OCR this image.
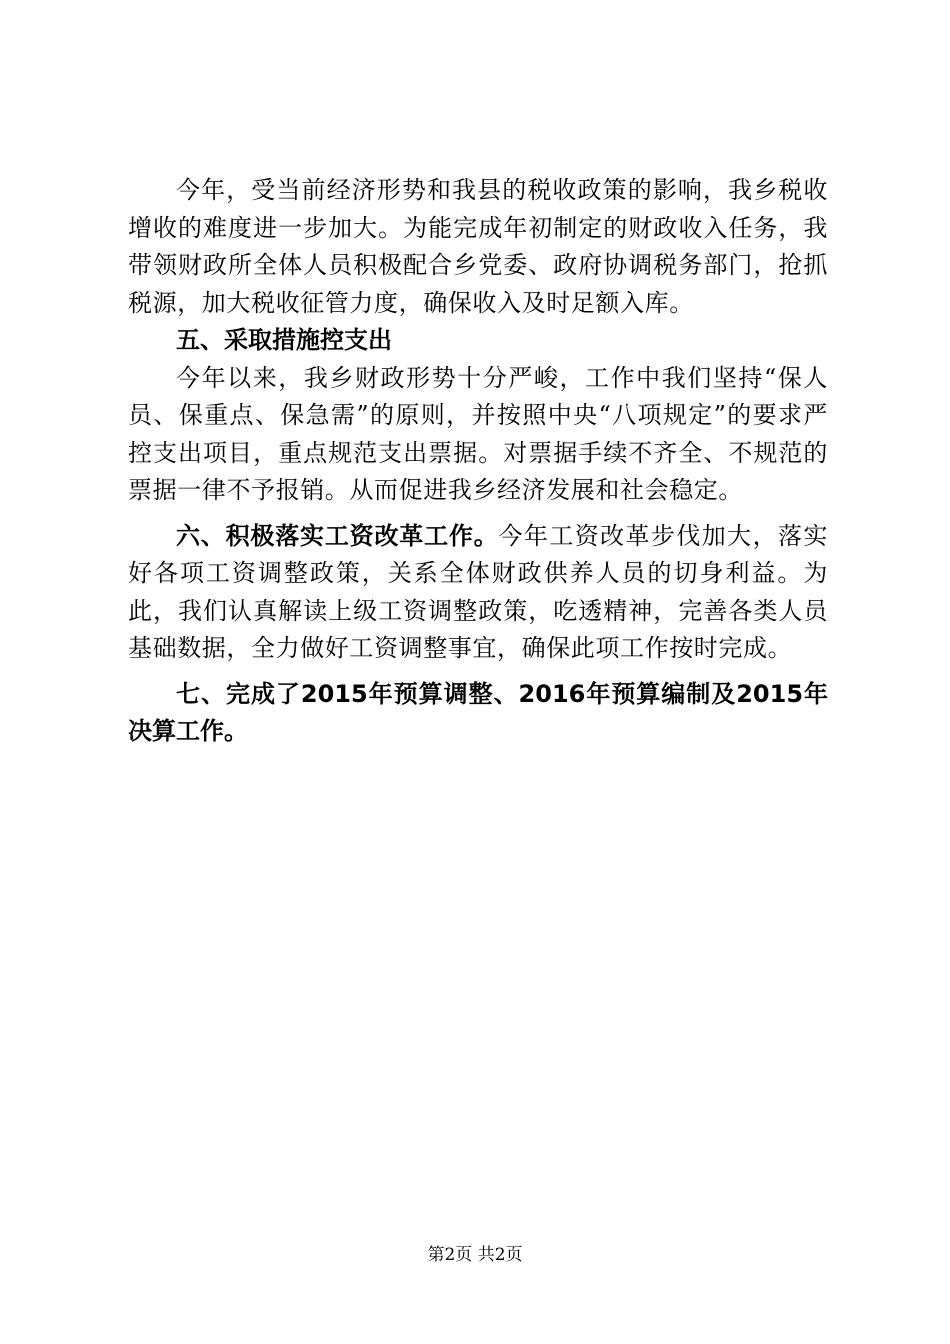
今年，受当前经济形势和我县的税收政策的影响，我乡税收增收的难度进一步加大。为能完成年初制定的财政收入任务，我带领财政所全体人员积极配合乡党委、政府协调税务部门，抢抓税源，加大税收征管力度，确保收入及时足额入库。

五、采取措施控支出

今年以来，我乡财政形势十分严峻，工作中我们坚持“保人员、保重点、保急需”的原则，并按照中央“八项规定”的要求严控支出项目，重点规范支出票据。对票据手续不齐全、不规范的票据一律不予报销。从而促进我乡经济发展和社会稳定。

六、积极落实工资改革工作。今年工资改革步伐加大，落实好各项工资调整政策，关系全体财政供养人员的切身利益。为此，我们认真解读上级工资调整政策，吃透精神，完善各类人员基础数据，全力做好工资调整事宜，确保此项工作按时完成。

七、完成了2015年预算调整、2016年预算编制及2015年决算工作。

第2页 共2页
